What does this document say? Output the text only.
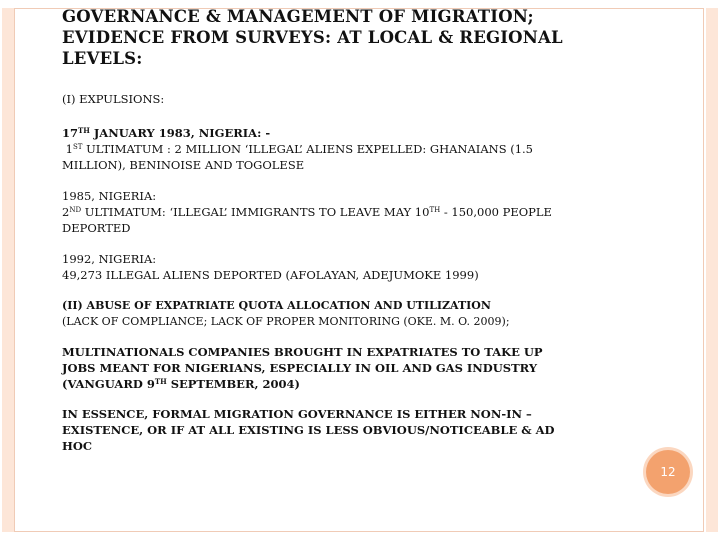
GOVERNANCE & MANAGEMENT OF MIGRATION;
EVIDENCE FROM SURVEYS: AT LOCAL & REGIONAL
LEVELS:

(I) EXPULSIONS:

17TH JANUARY 1983, NIGERIA: -
1ST ULTIMATUM : 2 MILLION ‘ILLEGAL’ ALIENS EXPELLED: GHANAIANS (1.5
MILLION), BENINOISE AND TOGOLESE

1985, NIGERIA:
2ND ULTIMATUM: ‘ILLEGAL’ IMMIGRANTS TO LEAVE MAY 10TH - 150,000 PEOPLE
DEPORTED

1992, NIGERIA:
49,273 ILLEGAL ALIENS DEPORTED (AFOLAYAN, ADEJUMOKE 1999)

(II) ABUSE OF EXPATRIATE QUOTA ALLOCATION AND UTILIZATION
(LACK OF COMPLIANCE; LACK OF PROPER MONITORING (OKE. M. O. 2009);

MULTINATIONALS COMPANIES BROUGHT IN EXPATRIATES TO TAKE UP
JOBS MEANT FOR NIGERIANS, ESPECIALLY IN OIL AND GAS INDUSTRY
(VANGUARD 9TH SEPTEMBER, 2004)

IN ESSENCE, FORMAL MIGRATION GOVERNANCE IS EITHER NON-IN –
EXISTENCE, OR IF AT ALL EXISTING IS LESS OBVIOUS/NOTICEABLE & AD
HOC

12
